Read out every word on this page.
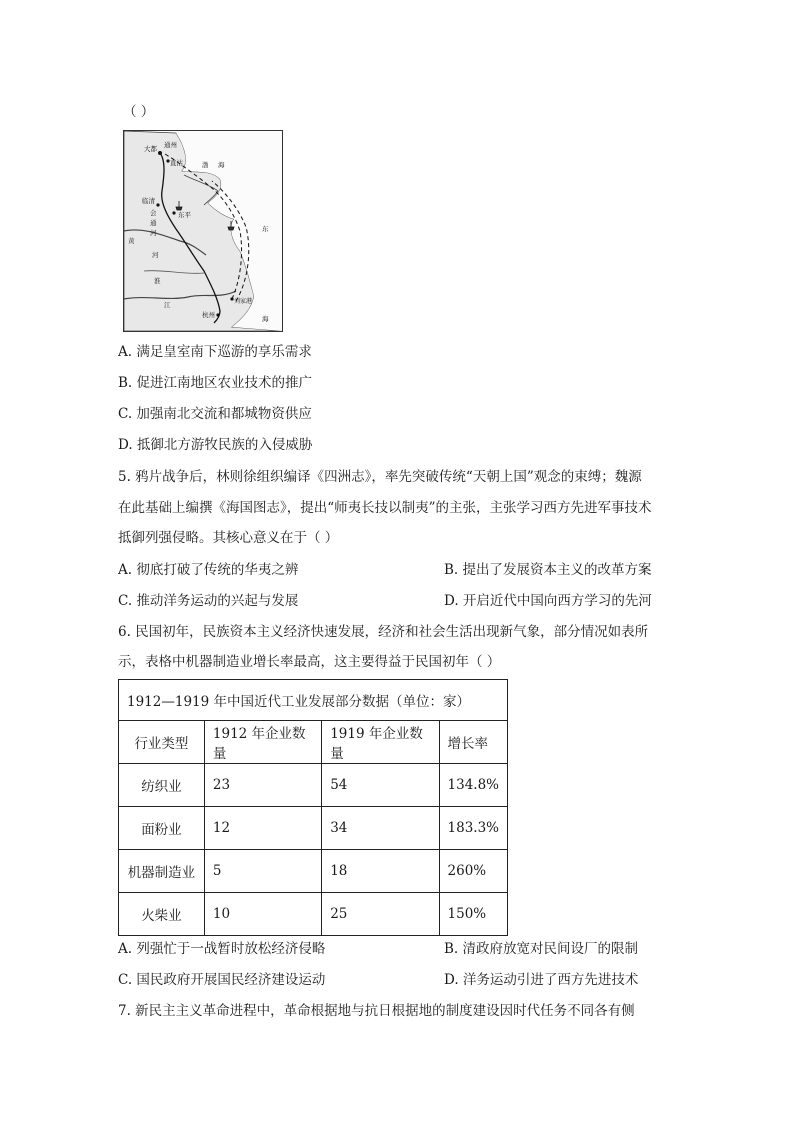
（ ）
大都 通州
直沽	渤 海
临清
会
通
河
东平
黄
河
淮
东
江
杭州
刘家港
海
A. 满足皇室南下巡游的享乐需求
B. 促进江南地区农业技术的推广
C. 加强南北交流和都城物资供应
D. 抵御北方游牧民族的入侵威胁
5. 鸦片战争后，林则徐组织编译《四洲志》，率先突破传统“天朝上国”观念的束缚；魏源
在此基础上编撰《海国图志》，提出“师夷长技以制夷”的主张，主张学习西方先进军事技术
抵御列强侵略。其核心意义在于（ ）
A. 彻底打破了传统的华夷之辨	B. 提出了发展资本主义的改革方案
C. 推动洋务运动的兴起与发展	D. 开启近代中国向西方学习的先河
6. 民国初年，民族资本主义经济快速发展，经济和社会生活出现新气象，部分情况如表所
示，表格中机器制造业增长率最高，这主要得益于民国初年（ ）
1912—1919 年中国近代工业发展部分数据（单位：家）			
行业类型	1912 年企业数量	1919 年企业数量	增长率
纺织业	23	54	134.8%
面粉业	12	34	183.3%
机器制造业	5	18	260%
火柴业	10	25	150%
A. 列强忙于一战暂时放松经济侵略	B. 清政府放宽对民间设厂的限制
C. 国民政府开展国民经济建设运动	D. 洋务运动引进了西方先进技术
7. 新民主主义革命进程中，革命根据地与抗日根据地的制度建设因时代任务不同各有侧
